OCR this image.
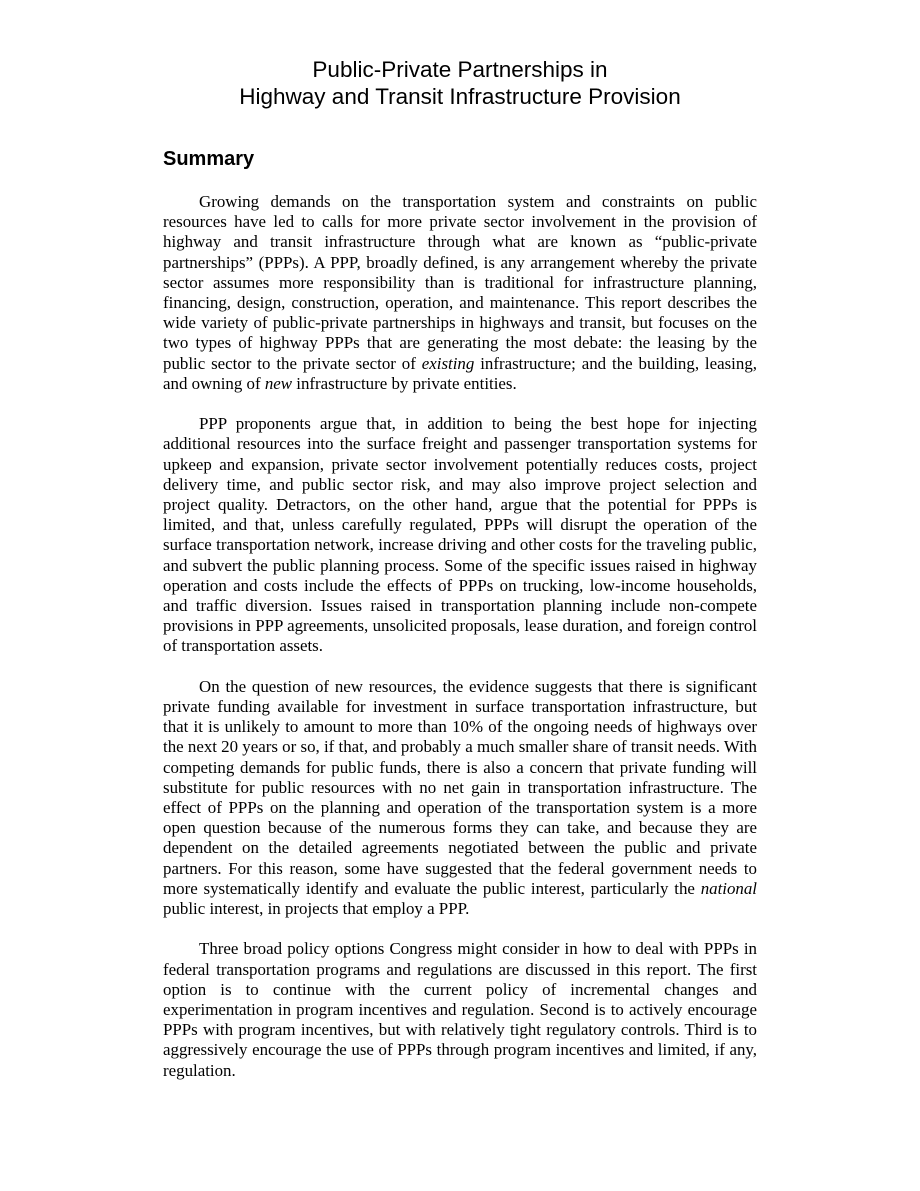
Public-Private Partnerships in
Highway and Transit Infrastructure Provision
Summary

Growing demands on the transportation system and constraints on public resources have led to calls for more private sector involvement in the provision of highway and transit infrastructure through what are known as “public-private partnerships” (PPPs). A PPP, broadly defined, is any arrangement whereby the private sector assumes more responsibility than is traditional for infrastructure planning, financing, design, construction, operation, and maintenance. This report describes the wide variety of public-private partnerships in highways and transit, but focuses on the two types of highway PPPs that are generating the most debate: the leasing by the public sector to the private sector of existing infrastructure; and the building, leasing, and owning of new infrastructure by private entities.

PPP proponents argue that, in addition to being the best hope for injecting additional resources into the surface freight and passenger transportation systems for upkeep and expansion, private sector involvement potentially reduces costs, project delivery time, and public sector risk, and may also improve project selection and project quality. Detractors, on the other hand, argue that the potential for PPPs is limited, and that, unless carefully regulated, PPPs will disrupt the operation of the surface transportation network, increase driving and other costs for the traveling public, and subvert the public planning process. Some of the specific issues raised in highway operation and costs include the effects of PPPs on trucking, low-income households, and traffic diversion. Issues raised in transportation planning include non-compete provisions in PPP agreements, unsolicited proposals, lease duration, and foreign control of transportation assets.

On the question of new resources, the evidence suggests that there is significant private funding available for investment in surface transportation infrastructure, but that it is unlikely to amount to more than 10% of the ongoing needs of highways over the next 20 years or so, if that, and probably a much smaller share of transit needs. With competing demands for public funds, there is also a concern that private funding will substitute for public resources with no net gain in transportation infrastructure. The effect of PPPs on the planning and operation of the transportation system is a more open question because of the numerous forms they can take, and because they are dependent on the detailed agreements negotiated between the public and private partners. For this reason, some have suggested that the federal government needs to more systematically identify and evaluate the public interest, particularly the national public interest, in projects that employ a PPP.

Three broad policy options Congress might consider in how to deal with PPPs in federal transportation programs and regulations are discussed in this report. The first option is to continue with the current policy of incremental changes and experimentation in program incentives and regulation. Second is to actively encourage PPPs with program incentives, but with relatively tight regulatory controls. Third is to aggressively encourage the use of PPPs through program incentives and limited, if any, regulation.
